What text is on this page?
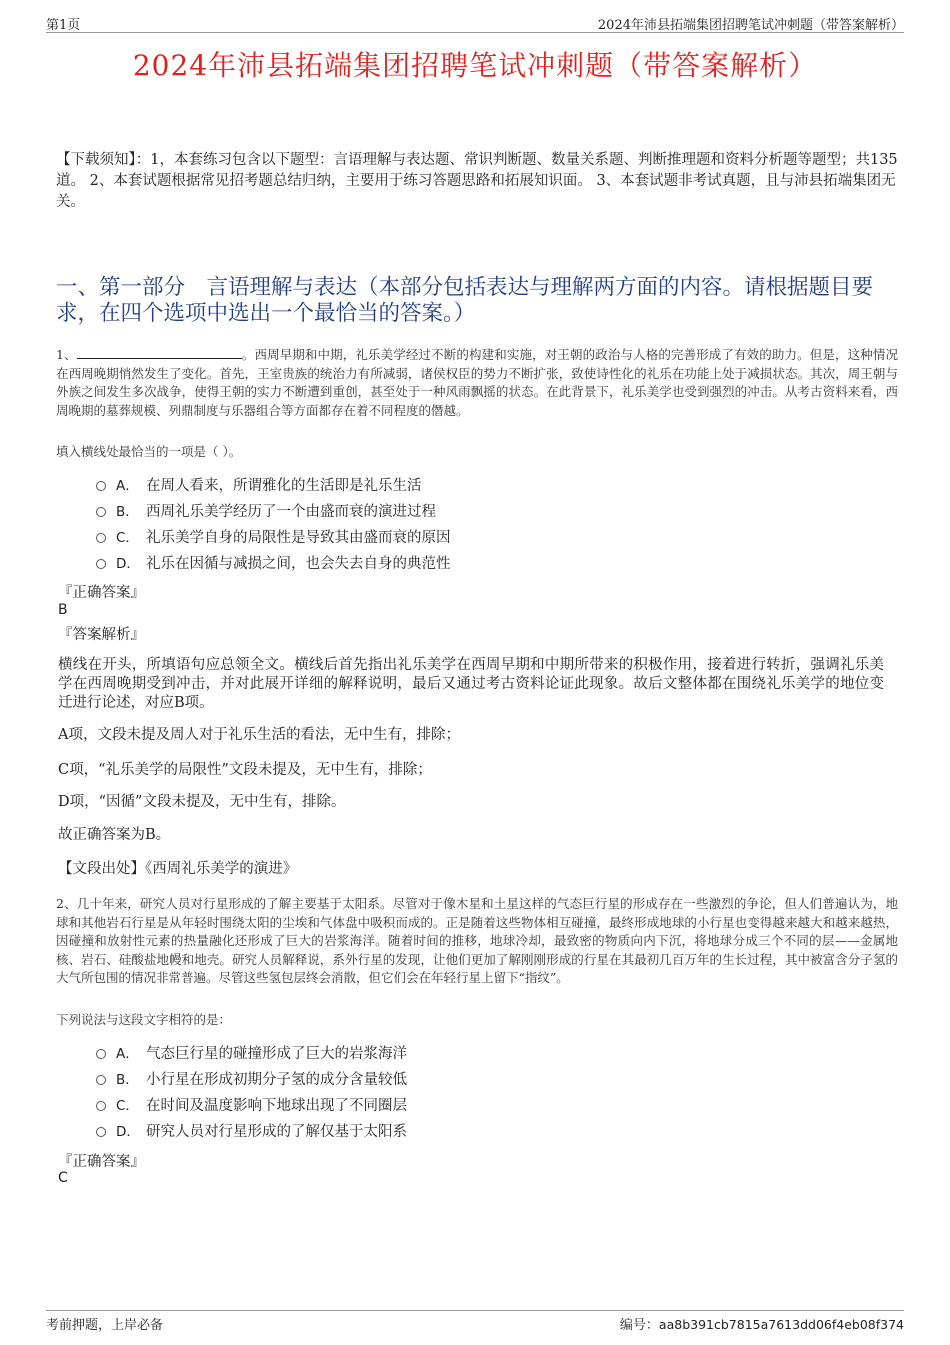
第1页	2024年沛县拓端集团招聘笔试冲刺题（带答案解析）
2024年沛县拓端集团招聘笔试冲刺题（带答案解析）
【下载须知】：1，本套练习包含以下题型：言语理解与表达题、常识判断题、数量关系题、判断推理题和资料分析题等题型；共135道。 2、本套试题根据常见招考题总结归纳，主要用于练习答题思路和拓展知识面。 3、本套试题非考试真题，且与沛县拓端集团无关。
一、第一部分　言语理解与表达（本部分包括表达与理解两方面的内容。请根据题目要求，在四个选项中选出一个最恰当的答案。）
1、	。西周早期和中期，礼乐美学经过不断的构建和实施，对王朝的政治与人格的完善形成了有效的助力。但是，这种情况在西周晚期悄然发生了变化。首先，王室贵族的统治力有所减弱，诸侯权臣的势力不断扩张，致使诗性化的礼乐在功能上处于减损状态。其次，周王朝与外族之间发生多次战争，使得王朝的实力不断遭到重创，甚至处于一种风雨飘摇的状态。在此背景下，礼乐美学也受到强烈的冲击。从考古资料来看，西周晚期的墓葬规模、列鼎制度与乐器组合等方面都存在着不同程度的僭越。
填入横线处最恰当的一项是（ ）。
A． 在周人看来，所谓雅化的生活即是礼乐生活
B． 西周礼乐美学经历了一个由盛而衰的演进过程
C． 礼乐美学自身的局限性是导致其由盛而衰的原因
D． 礼乐在因循与减损之间，也会失去自身的典范性
『正确答案』
B
『答案解析』
横线在开头，所填语句应总领全文。横线后首先指出礼乐美学在西周早期和中期所带来的积极作用，接着进行转折，强调礼乐美学在西周晚期受到冲击，并对此展开详细的解释说明，最后又通过考古资料论证此现象。故后文整体都在围绕礼乐美学的地位变迁进行论述，对应B项。
A项，文段未提及周人对于礼乐生活的看法，无中生有，排除；
C项，“礼乐美学的局限性”文段未提及，无中生有，排除；
D项，“因循”文段未提及，无中生有，排除。
故正确答案为B。
【文段出处】《西周礼乐美学的演进》
2、几十年来，研究人员对行星形成的了解主要基于太阳系。尽管对于像木星和土星这样的气态巨行星的形成存在一些激烈的争论，但人们普遍认为，地球和其他岩石行星是从年轻时围绕太阳的尘埃和气体盘中吸积而成的。正是随着这些物体相互碰撞，最终形成地球的小行星也变得越来越大和越来越热，因碰撞和放射性元素的热量融化还形成了巨大的岩浆海洋。随着时间的推移，地球冷却，最致密的物质向内下沉，将地球分成三个不同的层——金属地核、岩石、硅酸盐地幔和地壳。研究人员解释说，系外行星的发现，让他们更加了解刚刚形成的行星在其最初几百万年的生长过程，其中被富含分子氢的大气所包围的情况非常普遍。尽管这些氢包层终会消散，但它们会在年轻行星上留下“指纹”。
下列说法与这段文字相符的是：
A． 气态巨行星的碰撞形成了巨大的岩浆海洋
B． 小行星在形成初期分子氢的成分含量较低
C． 在时间及温度影响下地球出现了不同圈层
D． 研究人员对行星形成的了解仅基于太阳系
『正确答案』
C
考前押题，上岸必备	编号：aa8b391cb7815a7613dd06f4eb08f374
